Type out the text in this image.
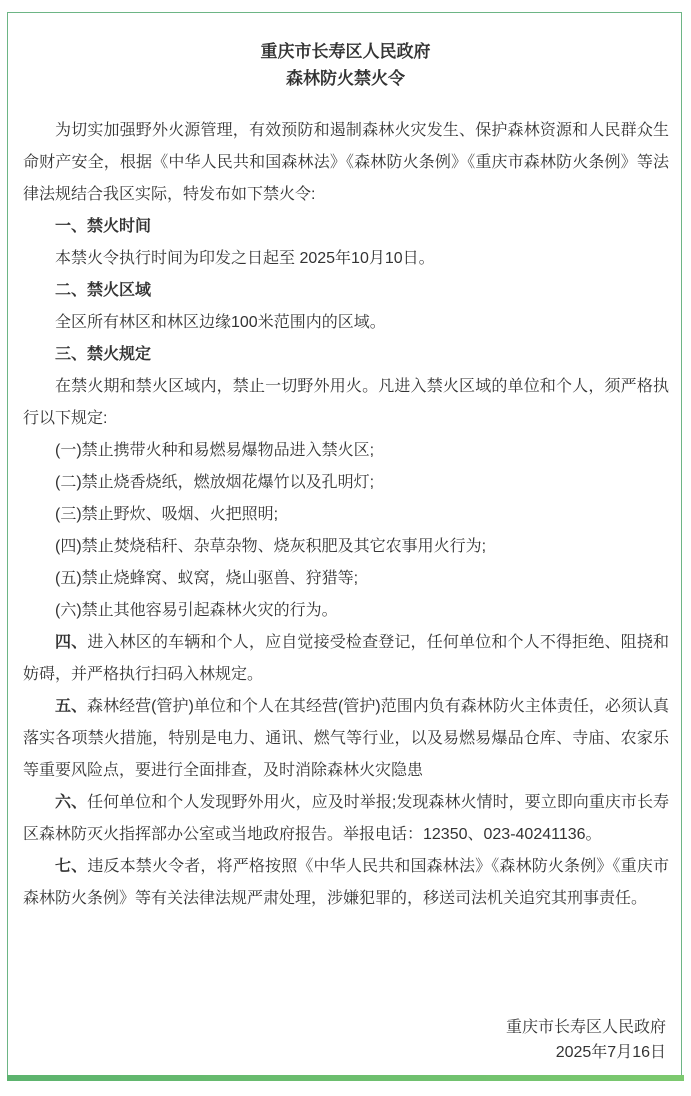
重庆市长寿区人民政府
森林防火禁火令

为切实加强野外火源管理，有效预防和遏制森林火灾发生、保护森林资源和人民群众生命财产安全，根据《中华人民共和国森林法》《森林防火条例》《重庆市森林防火条例》等法律法规结合我区实际，特发布如下禁火令:

一、禁火时间

本禁火令执行时间为印发之日起至 2025年10月10日。

二、禁火区域

全区所有林区和林区边缘100米范围内的区域。

三、禁火规定

在禁火期和禁火区域内，禁止一切野外用火。凡进入禁火区域的单位和个人，须严格执行以下规定:

(一)禁止携带火种和易燃易爆物品进入禁火区;

(二)禁止烧香烧纸，燃放烟花爆竹以及孔明灯;

(三)禁止野炊、吸烟、火把照明;

(四)禁止焚烧秸秆、杂草杂物、烧灰积肥及其它农事用火行为;

(五)禁止烧蜂窝、蚁窝，烧山驱兽、狩猎等;

(六)禁止其他容易引起森林火灾的行为。

四、进入林区的车辆和个人，应自觉接受检查登记，任何单位和个人不得拒绝、阻挠和妨碍，并严格执行扫码入林规定。

五、森林经营(管护)单位和个人在其经营(管护)范围内负有森林防火主体责任，必须认真落实各项禁火措施，特别是电力、通讯、燃气等行业，以及易燃易爆品仓库、寺庙、农家乐等重要风险点，要进行全面排查，及时消除森林火灾隐患

六、任何单位和个人发现野外用火，应及时举报;发现森林火情时，要立即向重庆市长寿区森林防灭火指挥部办公室或当地政府报告。举报电话：12350、023-40241136。

七、违反本禁火令者，将严格按照《中华人民共和国森林法》《森林防火条例》《重庆市森林防火条例》等有关法律法规严肃处理，涉嫌犯罪的，移送司法机关追究其刑事责任。

重庆市长寿区人民政府
2025年7月16日
